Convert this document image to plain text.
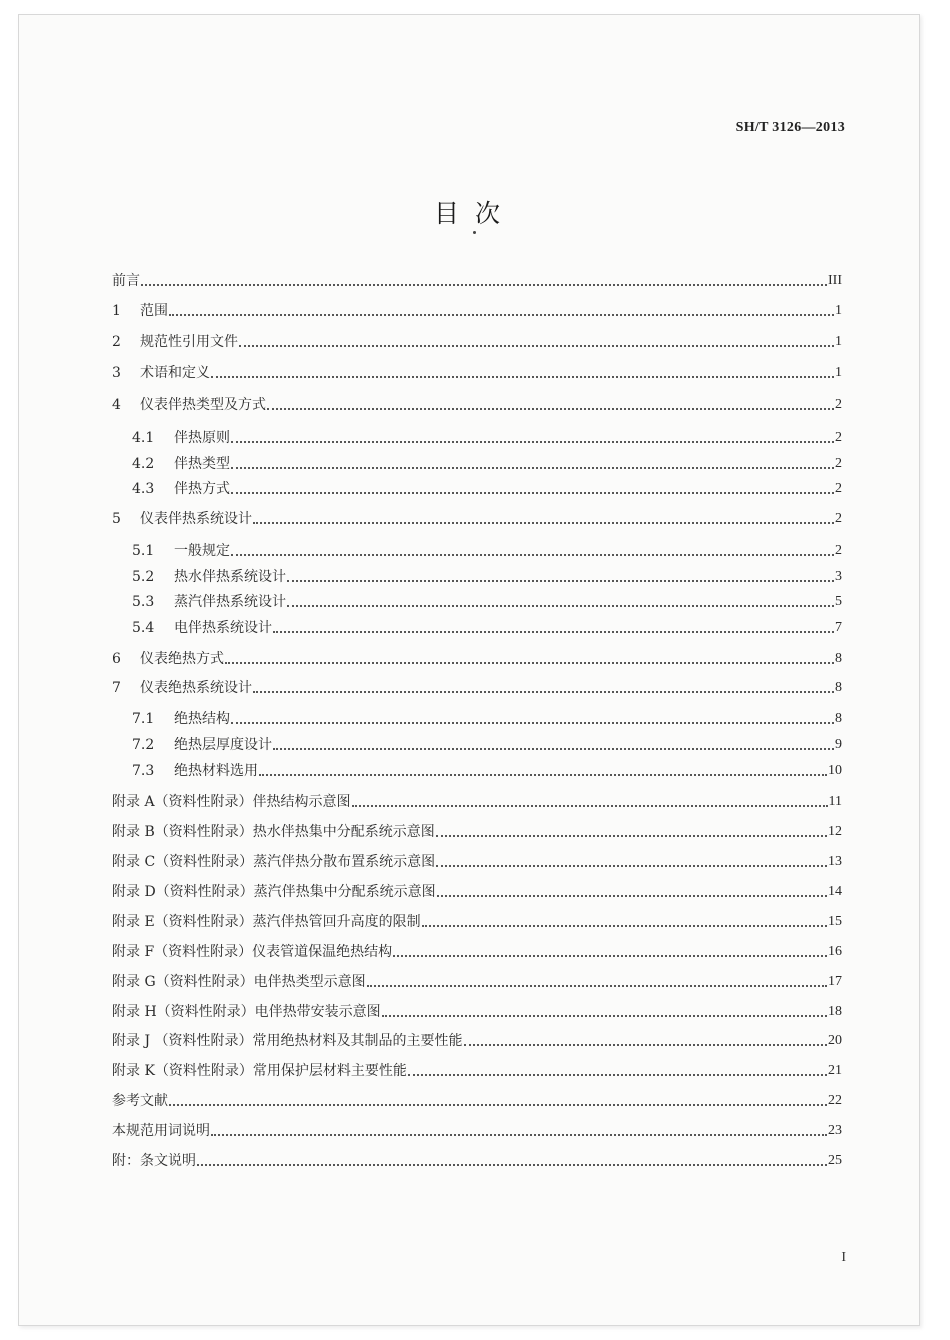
SH/T 3126—2013
目次
前言	III
1 范围	1
2 规范性引用文件	1
3 术语和定义	1
4 仪表伴热类型及方式	2
4.1 伴热原则	2
4.2 伴热类型	2
4.3 伴热方式	2
5 仪表伴热系统设计	2
5.1 一般规定	2
5.2 热水伴热系统设计	3
5.3 蒸汽伴热系统设计	5
5.4 电伴热系统设计	7
6 仪表绝热方式	8
7 仪表绝热系统设计	8
7.1 绝热结构	8
7.2 绝热层厚度设计	9
7.3 绝热材料选用	10
附录 A（资料性附录）伴热结构示意图	11
附录 B（资料性附录）热水伴热集中分配系统示意图	12
附录 C（资料性附录）蒸汽伴热分散布置系统示意图	13
附录 D（资料性附录）蒸汽伴热集中分配系统示意图	14
附录 E（资料性附录）蒸汽伴热管回升高度的限制	15
附录 F（资料性附录）仪表管道保温绝热结构	16
附录 G（资料性附录）电伴热类型示意图	17
附录 H（资料性附录）电伴热带安装示意图	18
附录 J （资料性附录）常用绝热材料及其制品的主要性能	20
附录 K（资料性附录）常用保护层材料主要性能	21
参考文献	22
本规范用词说明	23
附：条文说明	25
I
